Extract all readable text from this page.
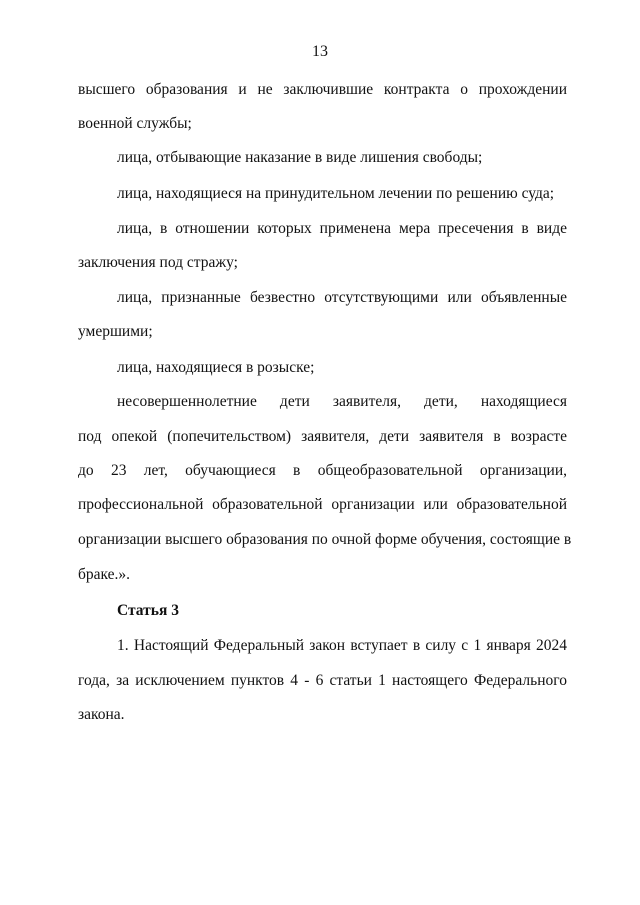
13
высшего образования и не заключившие контракта о прохождении
военной службы;
лица, отбывающие наказание в виде лишения свободы;
лица, находящиеся на принудительном лечении по решению суда;
лица, в отношении которых применена мера пресечения в виде
заключения под стражу;
лица, признанные безвестно отсутствующими или объявленные
умершими;
лица, находящиеся в розыске;
несовершеннолетние дети заявителя, дети, находящиеся
под опекой (попечительством) заявителя, дети заявителя в возрасте
до 23 лет, обучающиеся в общеобразовательной организации,
профессиональной образовательной организации или образовательной
организации высшего образования по очной форме обучения, состоящие в
браке.».
Статья 3
1. Настоящий Федеральный закон вступает в силу с 1 января 2024
года, за исключением пунктов 4 - 6 статьи 1 настоящего Федерального
закона.
